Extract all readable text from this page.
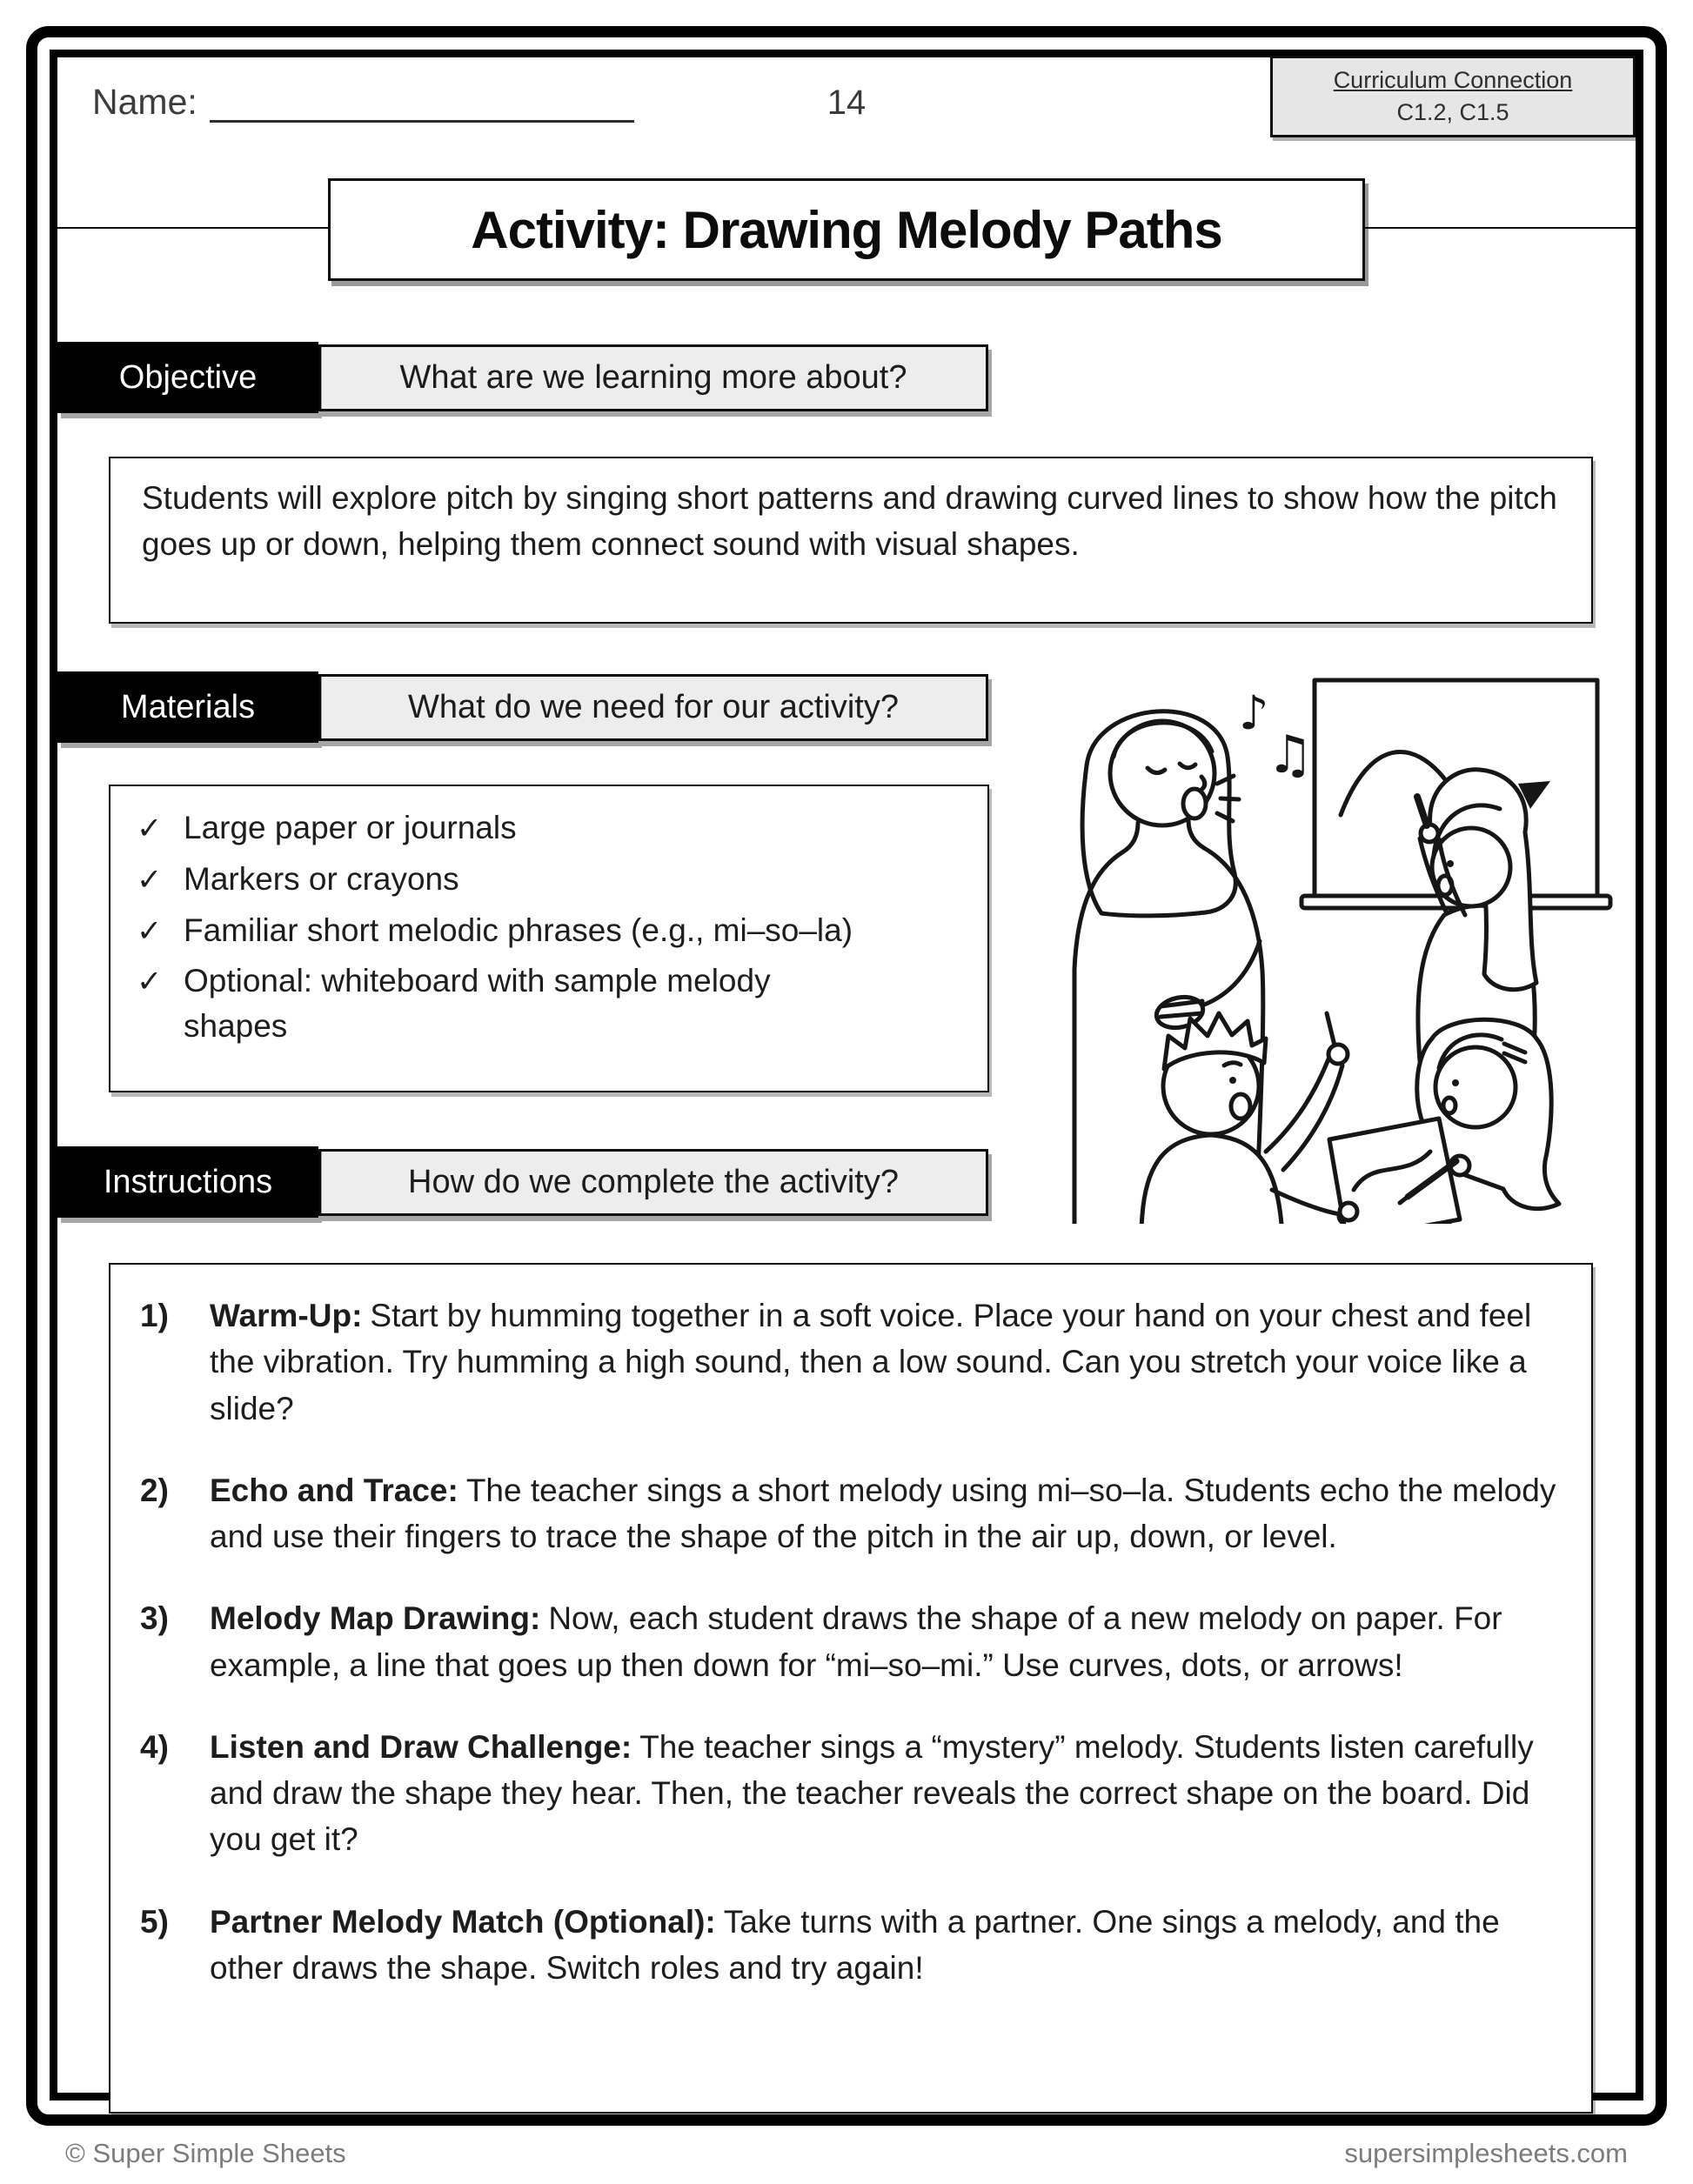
Name:	14
Curriculum Connection
C1.2, C1.5
Activity: Drawing Melody Paths
Objective	What are we learning more about?

Students will explore pitch by singing short patterns and drawing curved lines to show how the pitch goes up or down, helping them connect sound with visual shapes.

Materials	What do we need for our activity?
✓ Large paper or journals
✓ Markers or crayons
✓ Familiar short melodic phrases (e.g., mi–so–la)
✓ Optional: whiteboard with sample melody shapes
♪
♫
Instructions	How do we complete the activity?
1)	Warm-Up: Start by humming together in a soft voice. Place your hand on your chest and feel the vibration. Try humming a high sound, then a low sound. Can you stretch your voice like a slide?

2)	Echo and Trace: The teacher sings a short melody using mi–so–la. Students echo the melody and use their fingers to trace the shape of the pitch in the air up, down, or level.

3)	Melody Map Drawing: Now, each student draws the shape of a new melody on paper. For example, a line that goes up then down for “mi–so–mi.” Use curves, dots, or arrows!

4)	Listen and Draw Challenge: The teacher sings a “mystery” melody. Students listen carefully and draw the shape they hear. Then, the teacher reveals the correct shape on the board. Did you get it?

5)	Partner Melody Match (Optional): Take turns with a partner. One sings a melody, and the other draws the shape. Switch roles and try again!

© Super Simple Sheets	supersimplesheets.com
